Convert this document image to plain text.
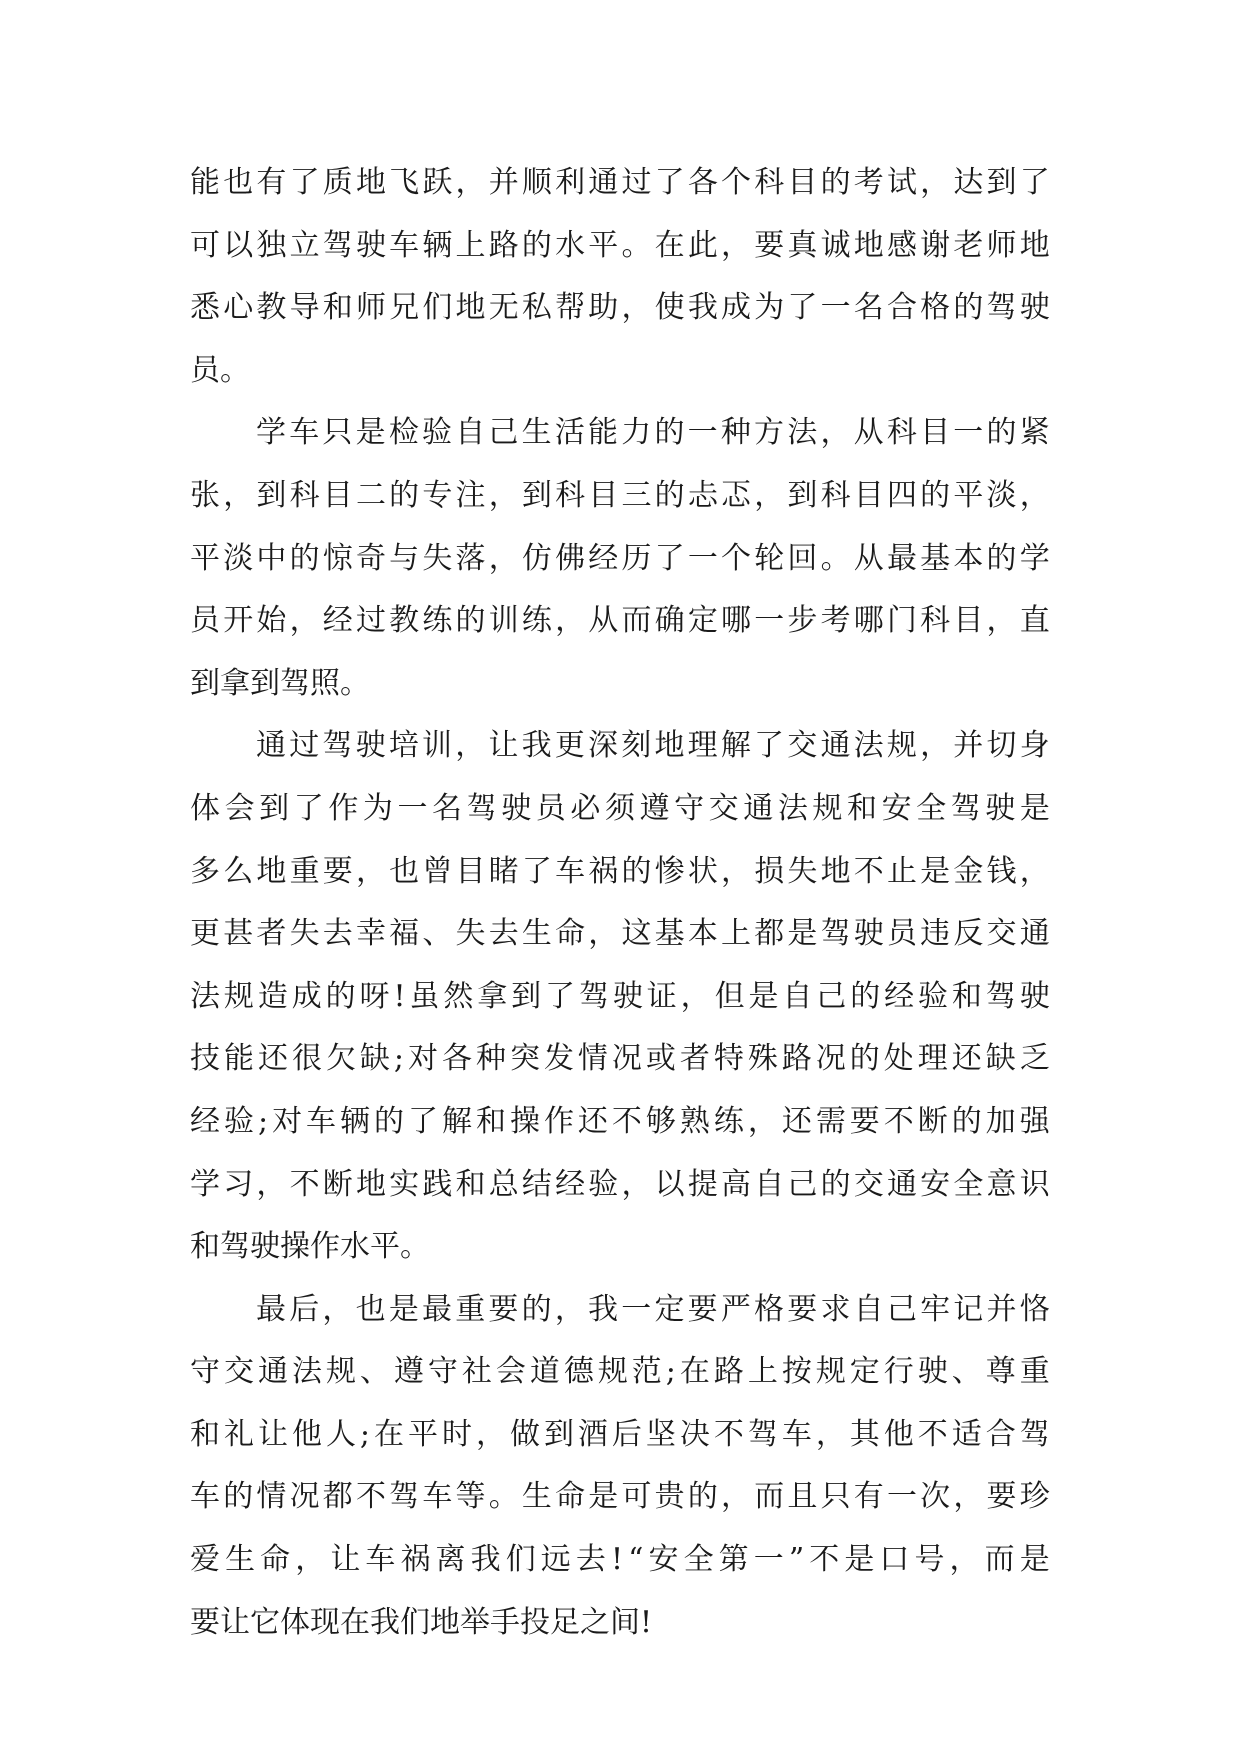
能 也 有 了 质 地 飞 跃 ， 并 顺 利 通 过 了 各 个 科 目 的 考 试 ， 达 到 了
可 以 独 立 驾 驶 车 辆 上 路 的 水 平 。 在 此 ， 要 真 诚 地 感 谢 老 师 地
悉 心 教 导 和 师 兄 们 地 无 私 帮 助 ， 使 我 成 为 了 一 名 合 格 的 驾 驶
员。
学 车 只 是 检 验 自 己 生 活 能 力 的 一 种 方 法 ， 从 科 目 一 的 紧
张 ， 到 科 目 二 的 专 注 ， 到 科 目 三 的 忐 忑 ， 到 科 目 四 的 平 淡 ，
平 淡 中 的 惊 奇 与 失 落 ， 仿 佛 经 历 了 一 个 轮 回 。 从 最 基 本 的 学
员 开 始 ， 经 过 教 练 的 训 练 ， 从 而 确 定 哪 一 步 考 哪 门 科 目 ， 直
到拿到驾照。
通 过 驾 驶 培 训 ， 让 我 更 深 刻 地 理 解 了 交 通 法 规 ， 并 切 身
体 会 到 了 作 为 一 名 驾 驶 员 必 须 遵 守 交 通 法 规 和 安 全 驾 驶 是
多 么 地 重 要 ， 也 曾 目 睹 了 车 祸 的 惨 状 ， 损 失 地 不 止 是 金 钱 ，
更 甚 者 失 去 幸 福 、 失 去 生 命 ， 这 基 本 上 都 是 驾 驶 员 违 反 交 通
法 规 造 成 的 呀 ! 虽 然 拿 到 了 驾 驶 证 ， 但 是 自 己 的 经 验 和 驾 驶
技 能 还 很 欠 缺 ; 对 各 种 突 发 情 况 或 者 特 殊 路 况 的 处 理 还 缺 乏
经 验 ; 对 车 辆 的 了 解 和 操 作 还 不 够 熟 练 ， 还 需 要 不 断 的 加 强
学 习 ， 不 断 地 实 践 和 总 结 经 验 ， 以 提 高 自 己 的 交 通 安 全 意 识
和驾驶操作水平。
最 后 ， 也 是 最 重 要 的 ， 我 一 定 要 严 格 要 求 自 己 牢 记 并 恪
守 交 通 法 规 、 遵 守 社 会 道 德 规 范 ; 在 路 上 按 规 定 行 驶 、 尊 重
和 礼 让 他 人 ; 在 平 时 ， 做 到 酒 后 坚 决 不 驾 车 ， 其 他 不 适 合 驾
车 的 情 况 都 不 驾 车 等 。 生 命 是 可 贵 的 ， 而 且 只 有 一 次 ， 要 珍
爱 生 命 ， 让 车 祸 离 我 们 远 去 ! “ 安 全 第 一 ” 不 是 口 号 ， 而 是
要让它体现在我们地举手投足之间!
